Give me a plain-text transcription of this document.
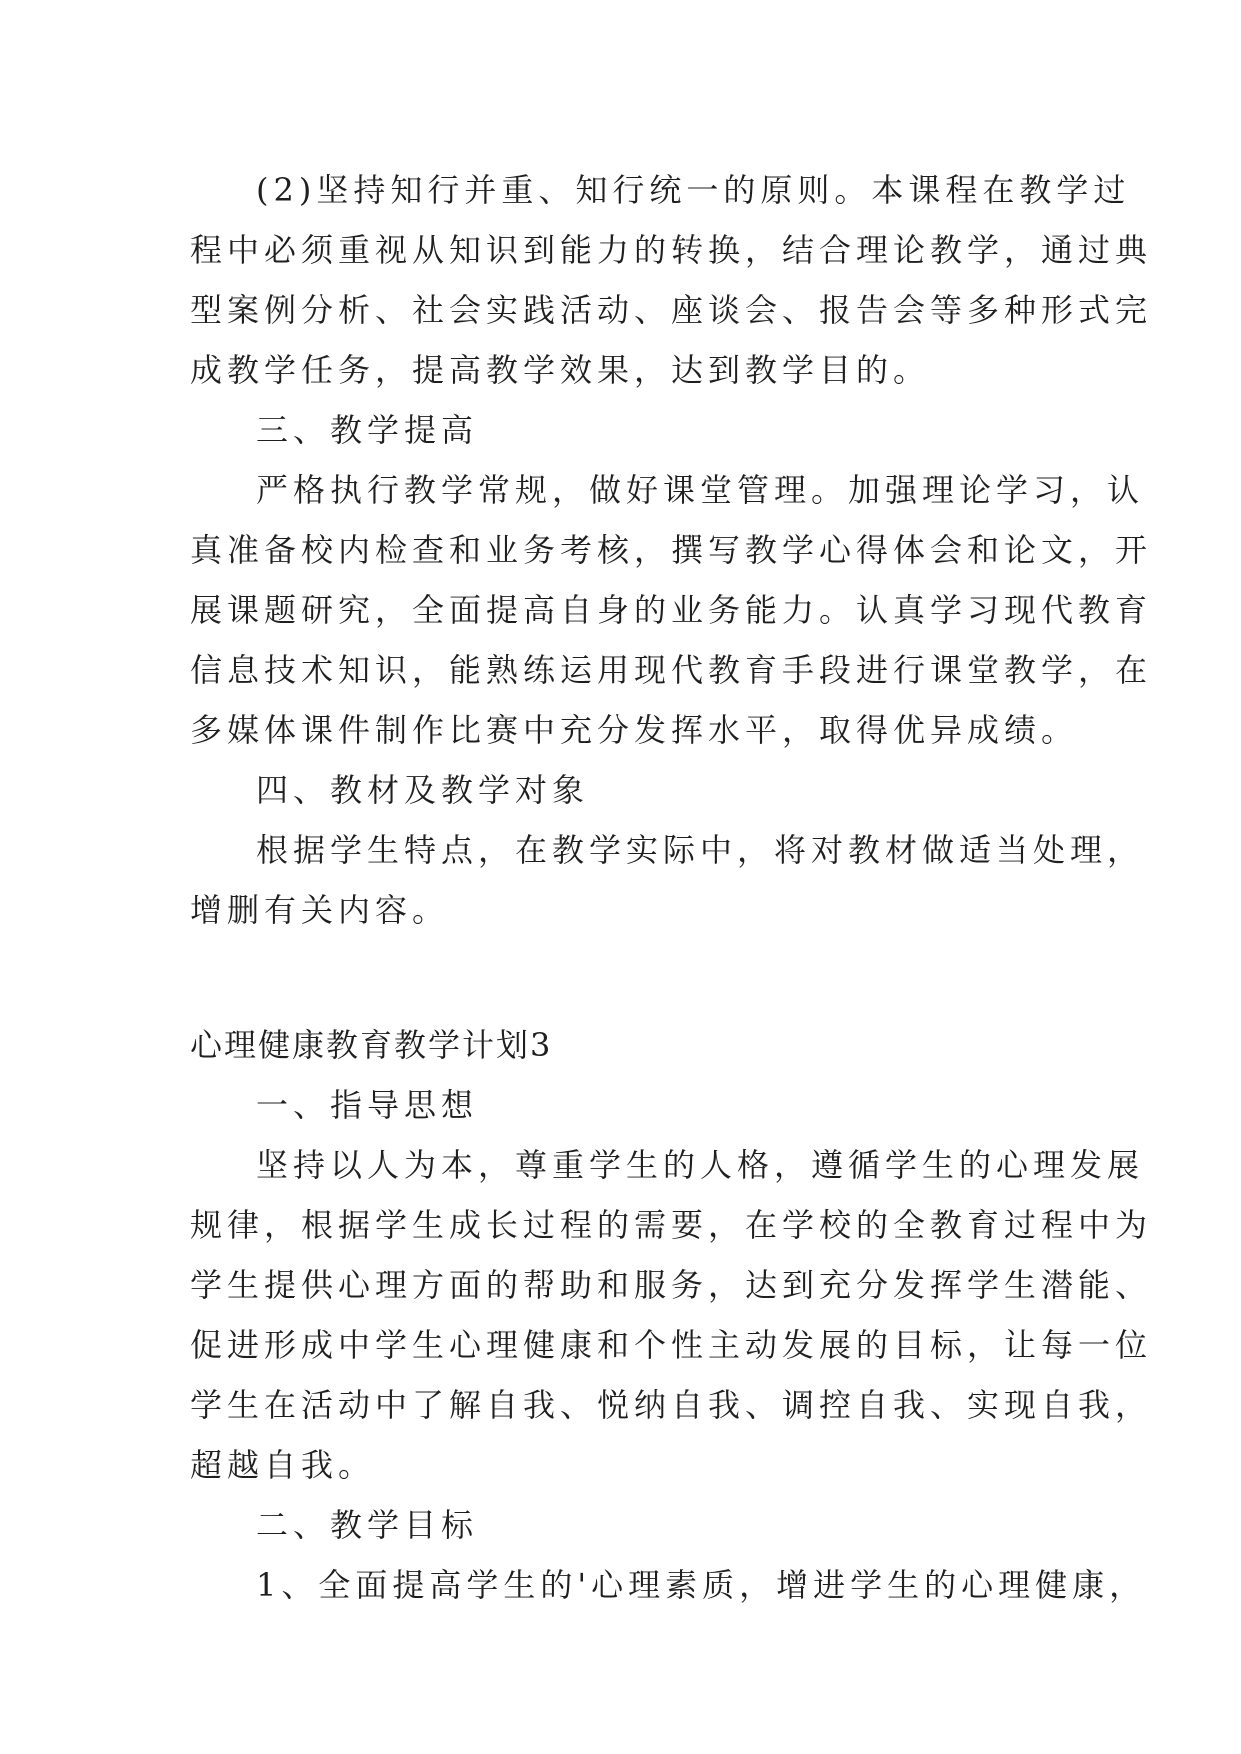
(2)坚持知行并重、知行统一的原则。本课程在教学过
程中必须重视从知识到能力的转换，结合理论教学，通过典
型案例分析、社会实践活动、座谈会、报告会等多种形式完
成教学任务，提高教学效果，达到教学目的。
三、教学提高
严格执行教学常规，做好课堂管理。加强理论学习，认
真准备校内检查和业务考核，撰写教学心得体会和论文，开
展课题研究，全面提高自身的业务能力。认真学习现代教育
信息技术知识，能熟练运用现代教育手段进行课堂教学，在
多媒体课件制作比赛中充分发挥水平，取得优异成绩。
四、教材及教学对象
根据学生特点，在教学实际中，将对教材做适当处理，
增删有关内容。
心理健康教育教学计划3
一、指导思想
坚持以人为本，尊重学生的人格，遵循学生的心理发展
规律，根据学生成长过程的需要，在学校的全教育过程中为
学生提供心理方面的帮助和服务，达到充分发挥学生潜能、
促进形成中学生心理健康和个性主动发展的目标，让每一位
学生在活动中了解自我、悦纳自我、调控自我、实现自我，
超越自我。
二、教学目标
1、全面提高学生的'心理素质，增进学生的心理健康，
